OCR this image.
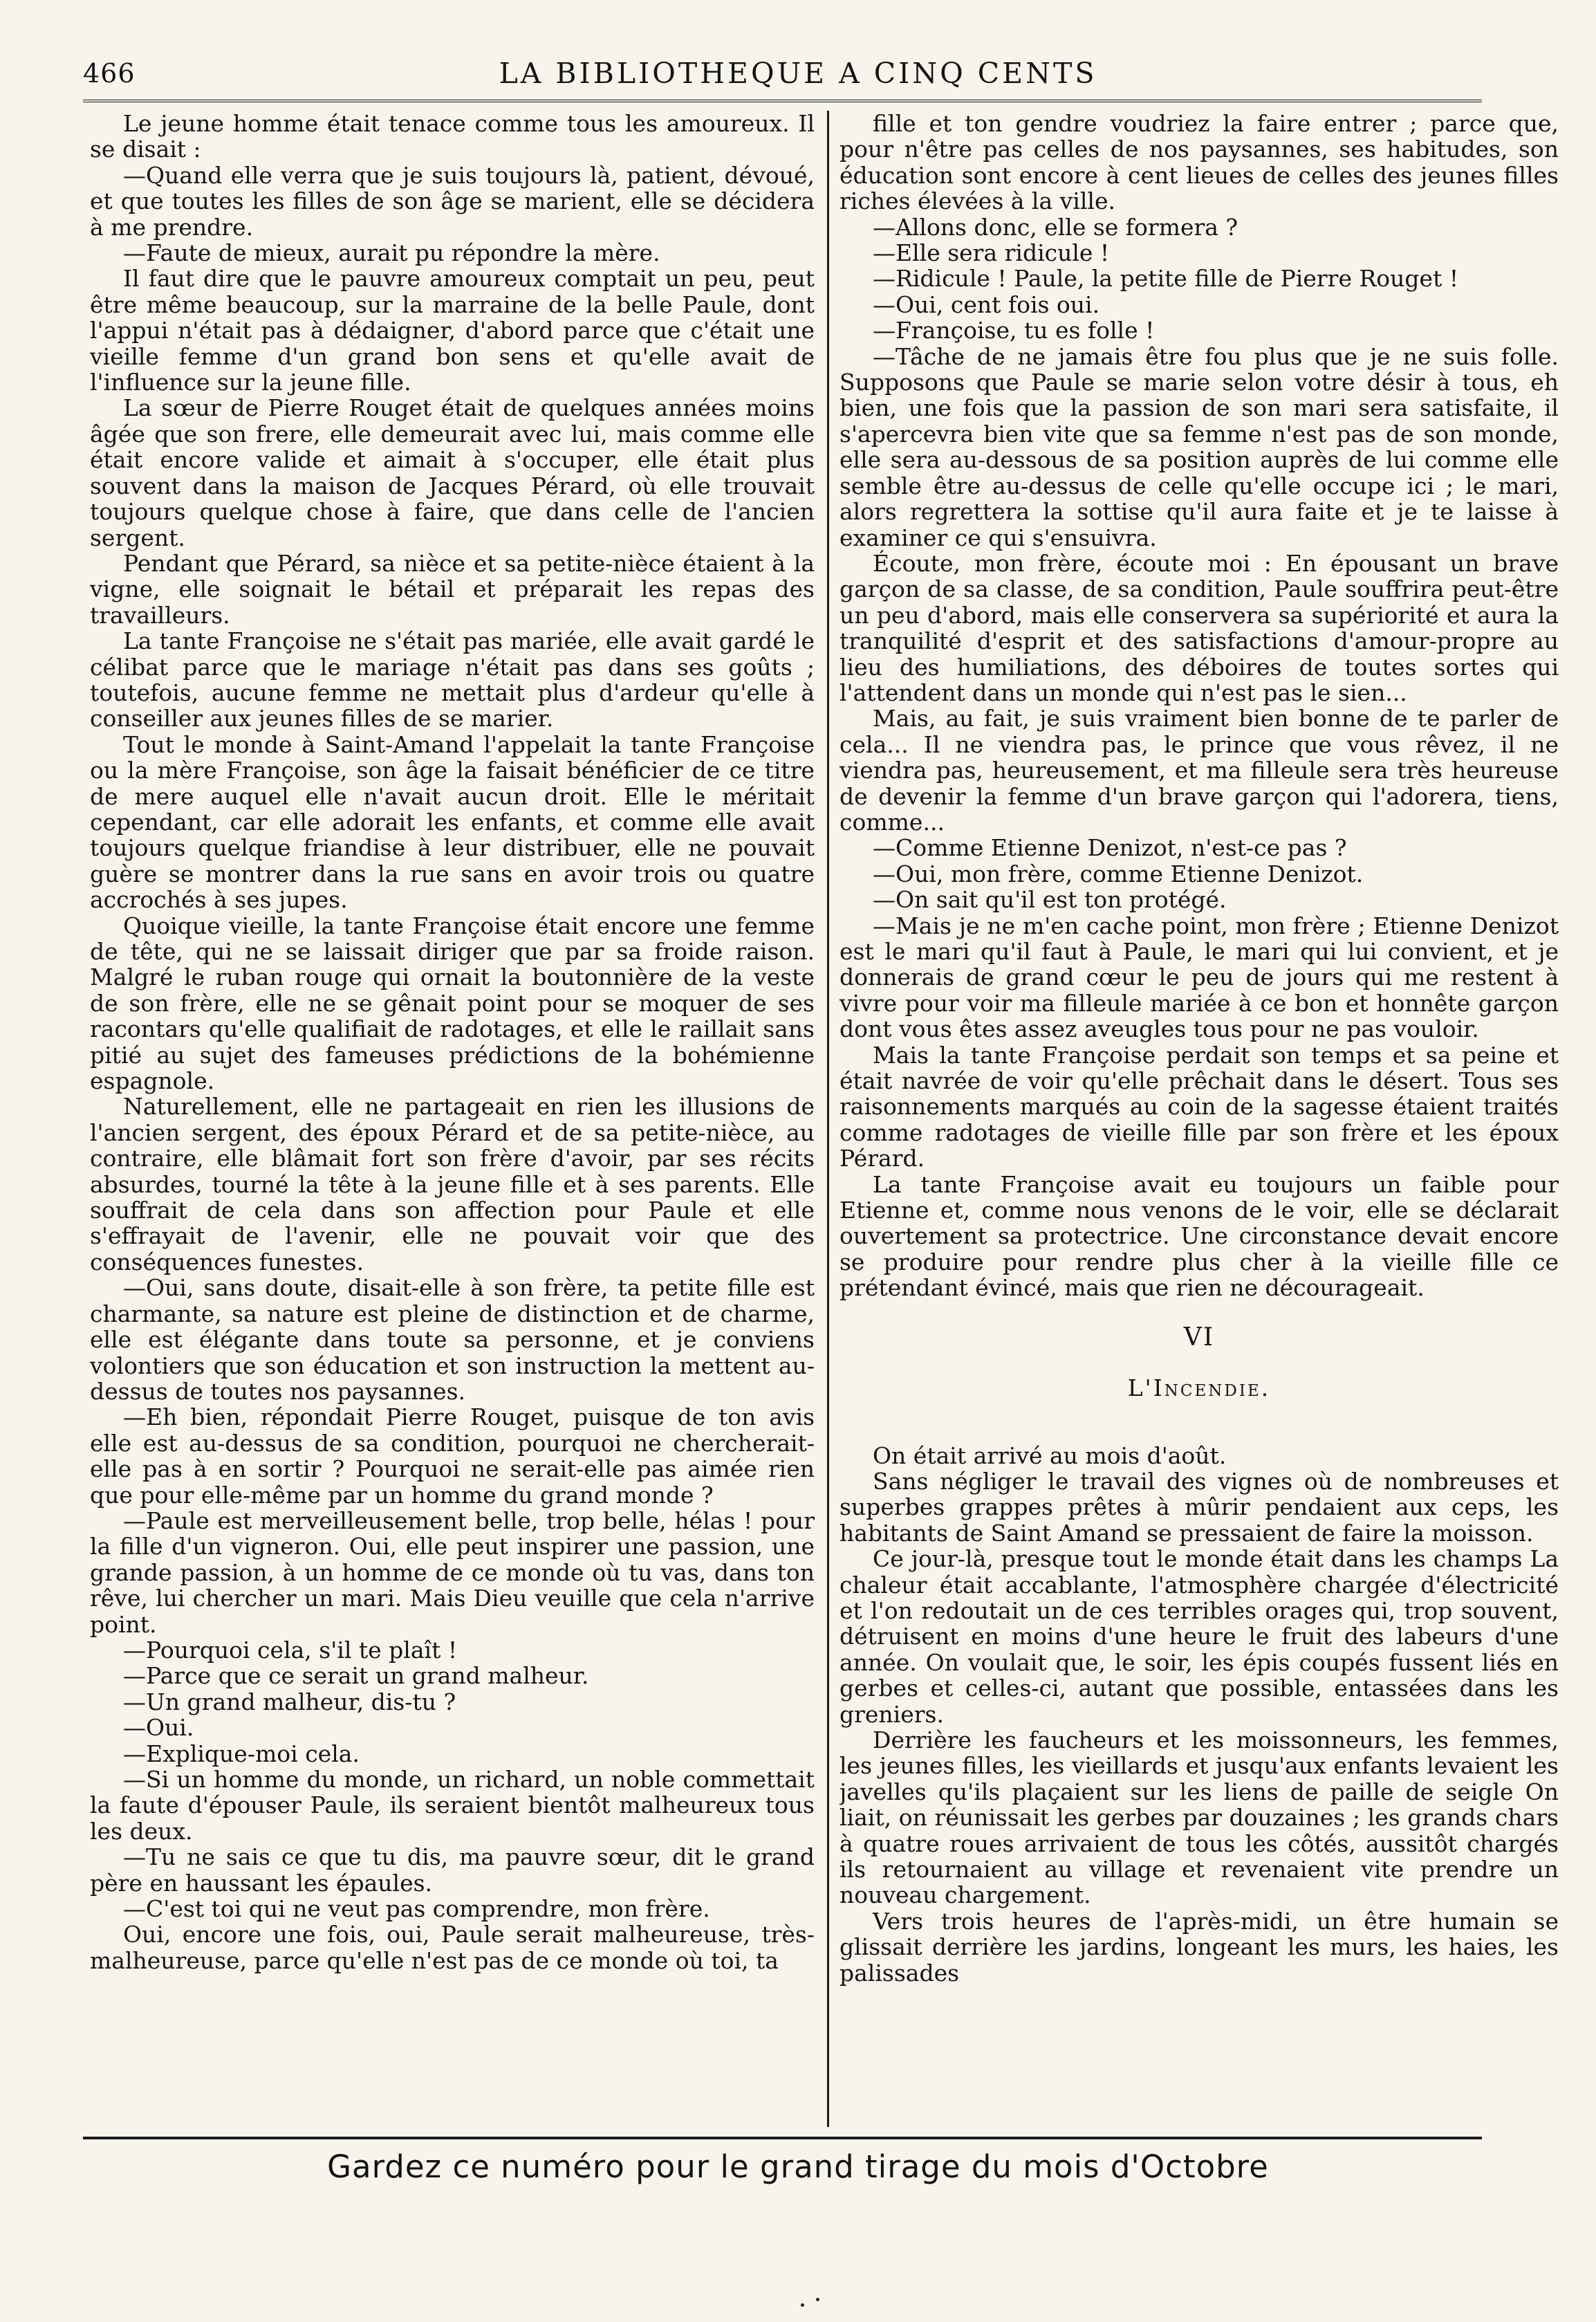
466	LA BIBLIOTHEQUE A CINQ CENTS

Le jeune homme était tenace comme tous les amoureux. Il se disait :

—Quand elle verra que je suis toujours là, patient, dévoué, et que toutes les filles de son âge se marient, elle se décidera à me prendre.

—Faute de mieux, aurait pu répondre la mère.

Il faut dire que le pauvre amoureux comptait un peu, peut être même beaucoup, sur la marraine de la belle Paule, dont l'appui n'était pas à dédaigner, d'abord parce que c'était une vieille femme d'un grand bon sens et qu'elle avait de l'influence sur la jeune fille.

La sœur de Pierre Rouget était de quelques années moins âgée que son frere, elle demeurait avec lui, mais comme elle était encore valide et aimait à s'occuper, elle était plus souvent dans la maison de Jacques Pérard, où elle trouvait toujours quelque chose à faire, que dans celle de l'ancien sergent.

Pendant que Pérard, sa nièce et sa petite-nièce étaient à la vigne, elle soignait le bétail et préparait les repas des travailleurs.

La tante Françoise ne s'était pas mariée, elle avait gardé le célibat parce que le mariage n'était pas dans ses goûts ; toutefois, aucune femme ne mettait plus d'ardeur qu'elle à conseiller aux jeunes filles de se marier.

Tout le monde à Saint-Amand l'appelait la tante Françoise ou la mère Françoise, son âge la faisait bénéficier de ce titre de mere auquel elle n'avait aucun droit. Elle le méritait cependant, car elle adorait les enfants, et comme elle avait toujours quelque friandise à leur distribuer, elle ne pouvait guère se montrer dans la rue sans en avoir trois ou quatre accrochés à ses jupes.

Quoique vieille, la tante Françoise était encore une femme de tête, qui ne se laissait diriger que par sa froide raison. Malgré le ruban rouge qui ornait la boutonnière de la veste de son frère, elle ne se gênait point pour se moquer de ses racontars qu'elle qualifiait de radotages, et elle le raillait sans pitié au sujet des fameuses prédictions de la bohémienne espagnole.

Naturellement, elle ne partageait en rien les illusions de l'ancien sergent, des époux Pérard et de sa petite-nièce, au contraire, elle blâmait fort son frère d'avoir, par ses récits absurdes, tourné la tête à la jeune fille et à ses parents. Elle souffrait de cela dans son affection pour Paule et elle s'effrayait de l'avenir, elle ne pouvait voir que des conséquences funestes.

—Oui, sans doute, disait-elle à son frère, ta petite fille est charmante, sa nature est pleine de distinction et de charme, elle est élégante dans toute sa personne, et je conviens volontiers que son éducation et son instruction la mettent au-dessus de toutes nos paysannes.

—Eh bien, répondait Pierre Rouget, puisque de ton avis elle est au-dessus de sa condition, pourquoi ne chercherait-elle pas à en sortir ? Pourquoi ne serait-elle pas aimée rien que pour elle-même par un homme du grand monde ?

—Paule est merveilleusement belle, trop belle, hélas ! pour la fille d'un vigneron. Oui, elle peut inspirer une passion, une grande passion, à un homme de ce monde où tu vas, dans ton rêve, lui chercher un mari. Mais Dieu veuille que cela n'arrive point.

—Pourquoi cela, s'il te plaît !

—Parce que ce serait un grand malheur.

—Un grand malheur, dis-tu ?

—Oui.

—Explique-moi cela.

—Si un homme du monde, un richard, un noble commettait la faute d'épouser Paule, ils seraient bientôt malheureux tous les deux.

—Tu ne sais ce que tu dis, ma pauvre sœur, dit le grand père en haussant les épaules.

—C'est toi qui ne veut pas comprendre, mon frère.

Oui, encore une fois, oui, Paule serait malheureuse, très-malheureuse, parce qu'elle n'est pas de ce monde où toi, ta

fille et ton gendre voudriez la faire entrer ; parce que, pour n'être pas celles de nos paysannes, ses habitudes, son éducation sont encore à cent lieues de celles des jeunes filles riches élevées à la ville.

—Allons donc, elle se formera ?

—Elle sera ridicule !

—Ridicule ! Paule, la petite fille de Pierre Rouget !

—Oui, cent fois oui.

—Françoise, tu es folle !

—Tâche de ne jamais être fou plus que je ne suis folle. Supposons que Paule se marie selon votre désir à tous, eh bien, une fois que la passion de son mari sera satisfaite, il s'apercevra bien vite que sa femme n'est pas de son monde, elle sera au-dessous de sa position auprès de lui comme elle semble être au-dessus de celle qu'elle occupe ici ; le mari, alors regrettera la sottise qu'il aura faite et je te laisse à examiner ce qui s'ensuivra.

Écoute, mon frère, écoute moi : En épousant un brave garçon de sa classe, de sa condition, Paule souffrira peut-être un peu d'abord, mais elle conservera sa supériorité et aura la tranquilité d'esprit et des satisfactions d'amour-propre au lieu des humiliations, des déboires de toutes sortes qui l'attendent dans un monde qui n'est pas le sien...

Mais, au fait, je suis vraiment bien bonne de te parler de cela... Il ne viendra pas, le prince que vous rêvez, il ne viendra pas, heureusement, et ma filleule sera très heureuse de devenir la femme d'un brave garçon qui l'adorera, tiens, comme...

—Comme Etienne Denizot, n'est-ce pas ?

—Oui, mon frère, comme Etienne Denizot.

—On sait qu'il est ton protégé.

—Mais je ne m'en cache point, mon frère ; Etienne Denizot est le mari qu'il faut à Paule, le mari qui lui convient, et je donnerais de grand cœur le peu de jours qui me restent à vivre pour voir ma filleule mariée à ce bon et honnête garçon dont vous êtes assez aveugles tous pour ne pas vouloir.

Mais la tante Françoise perdait son temps et sa peine et était navrée de voir qu'elle prêchait dans le désert. Tous ses raisonnements marqués au coin de la sagesse étaient traités comme radotages de vieille fille par son frère et les époux Pérard.

La tante Françoise avait eu toujours un faible pour Etienne et, comme nous venons de le voir, elle se déclarait ouvertement sa protectrice. Une circonstance devait encore se produire pour rendre plus cher à la vieille fille ce prétendant évincé, mais que rien ne décourageait.

VI

L'Incendie.

On était arrivé au mois d'août.

Sans négliger le travail des vignes où de nombreuses et superbes grappes prêtes à mûrir pendaient aux ceps, les habitants de Saint Amand se pressaient de faire la moisson.

Ce jour-là, presque tout le monde était dans les champs La chaleur était accablante, l'atmosphère chargée d'électricité et l'on redoutait un de ces terribles orages qui, trop souvent, détruisent en moins d'une heure le fruit des labeurs d'une année. On voulait que, le soir, les épis coupés fussent liés en gerbes et celles-ci, autant que possible, entassées dans les greniers.

Derrière les faucheurs et les moissonneurs, les femmes, les jeunes filles, les vieillards et jusqu'aux enfants levaient les javelles qu'ils plaçaient sur les liens de paille de seigle On liait, on réunissait les gerbes par douzaines ; les grands chars à quatre roues arrivaient de tous les côtés, aussitôt chargés ils retournaient au village et revenaient vite prendre un nouveau chargement.

Vers trois heures de l'après-midi, un être humain se glissait derrière les jardins, longeant les murs, les haies, les palissades

Gardez ce numéro pour le grand tirage du mois d'Octobre
